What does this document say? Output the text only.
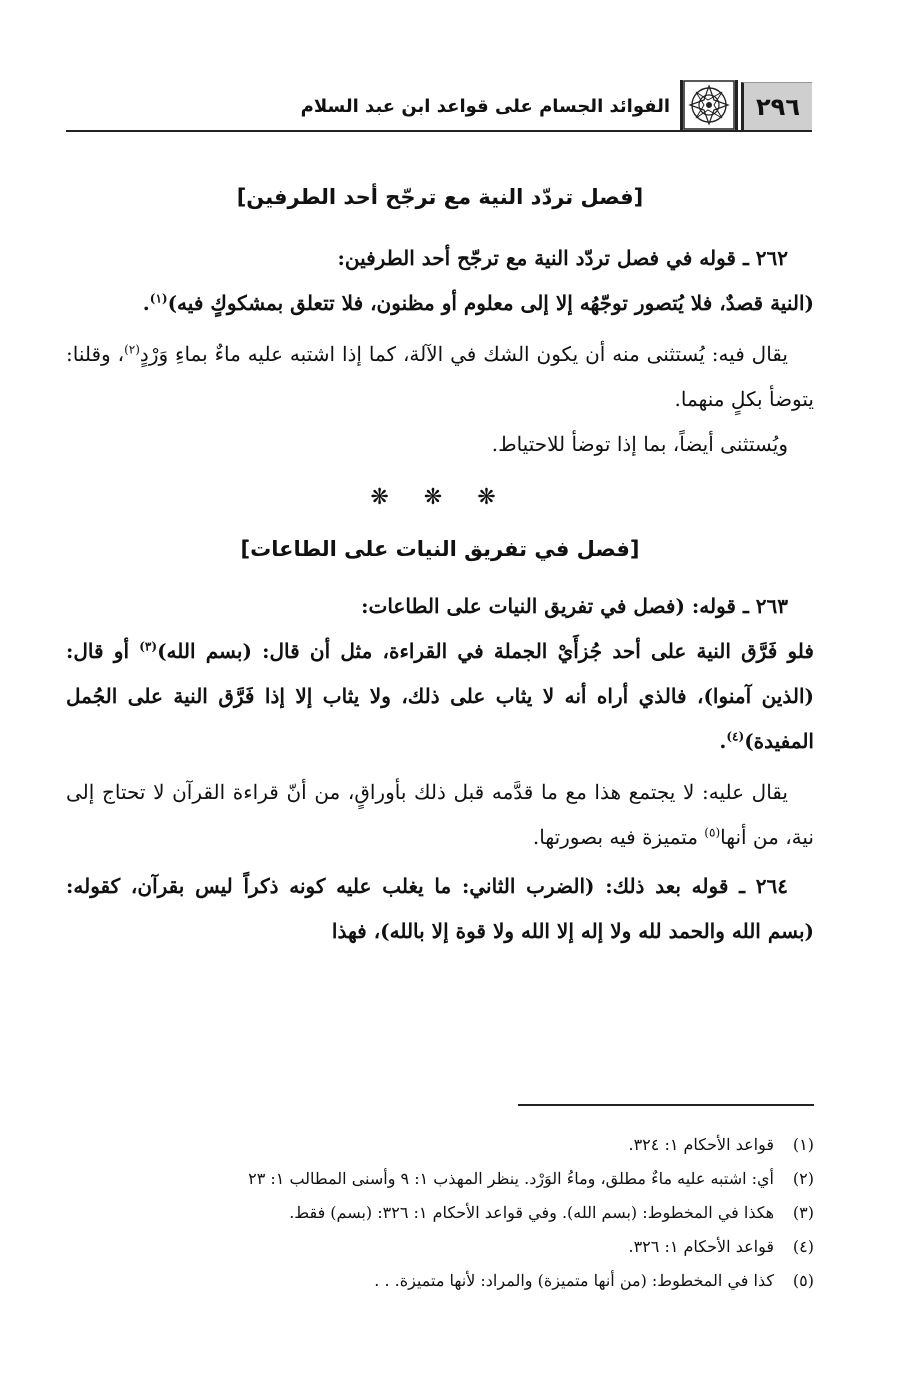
٢٩٦
الفوائد الجسام على قواعد ابن عبد السلام
[فصل تردّد النية مع ترجّح أحد الطرفين]

٢٦٢ ـ قوله في فصل تردّد النية مع ترجّح أحد الطرفين:

(النية قصدٌ، فلا يُتصور توجّهُه إلا إلى معلوم أو مظنون، فلا تتعلق بمشكوكٍ فيه)$^{(١)}$.

يقال فيه: يُستثنى منه أن يكون الشك في الآلة، كما إذا اشتبه عليه ماءٌ بماءِ وَرْدٍ$^{(٢)}$، وقلنا: يتوضأ بكلٍ منهما.

ويُستثنى أيضاً، بما إذا توضأ للاحتياط.

❋ ❋ ❋
[فصل في تفريق النيات على الطاعات]

٢٦٣ ـ قوله: (فصل في تفريق النيات على الطاعات:

فلو فَرَّق النية على أحد جُزأَيْ الجملة في القراءة، مثل أن قال: (بسم الله)$^{(٣)}$ أو قال: (الذين آمنوا)، فالذي أراه أنه لا يثاب على ذلك، ولا يثاب إلا إذا فَرَّق النية على الجُمل المفيدة)$^{(٤)}$.

يقال عليه: لا يجتمع هذا مع ما قدَّمه قبل ذلك بأوراقٍ، من أنّ قراءة القرآن لا تحتاج إلى نية، من أنها$^{(٥)}$ متميزة فيه بصورتها.

٢٦٤ ـ قوله بعد ذلك: (الضرب الثاني: ما يغلب عليه كونه ذكراً ليس بقرآن، كقوله: (بسم الله والحمد لله ولا إله إلا الله ولا قوة إلا بالله)، فهذا

(١)
قواعد الأحكام ١: ٣٢٤.
(٢)
أي: اشتبه عليه ماءٌ مطلق، وماءُ الوَرْد. ينظر المهذب ١: ٩ وأسنى المطالب ١: ٢٣
(٣)
هكذا في المخطوط: (بسم الله). وفي قواعد الأحكام ١: ٣٢٦: (بسم) فقط.
(٤)
قواعد الأحكام ١: ٣٢٦.
(٥)
كذا في المخطوط: (من أنها متميزة) والمراد: لأنها متميزة. . .
